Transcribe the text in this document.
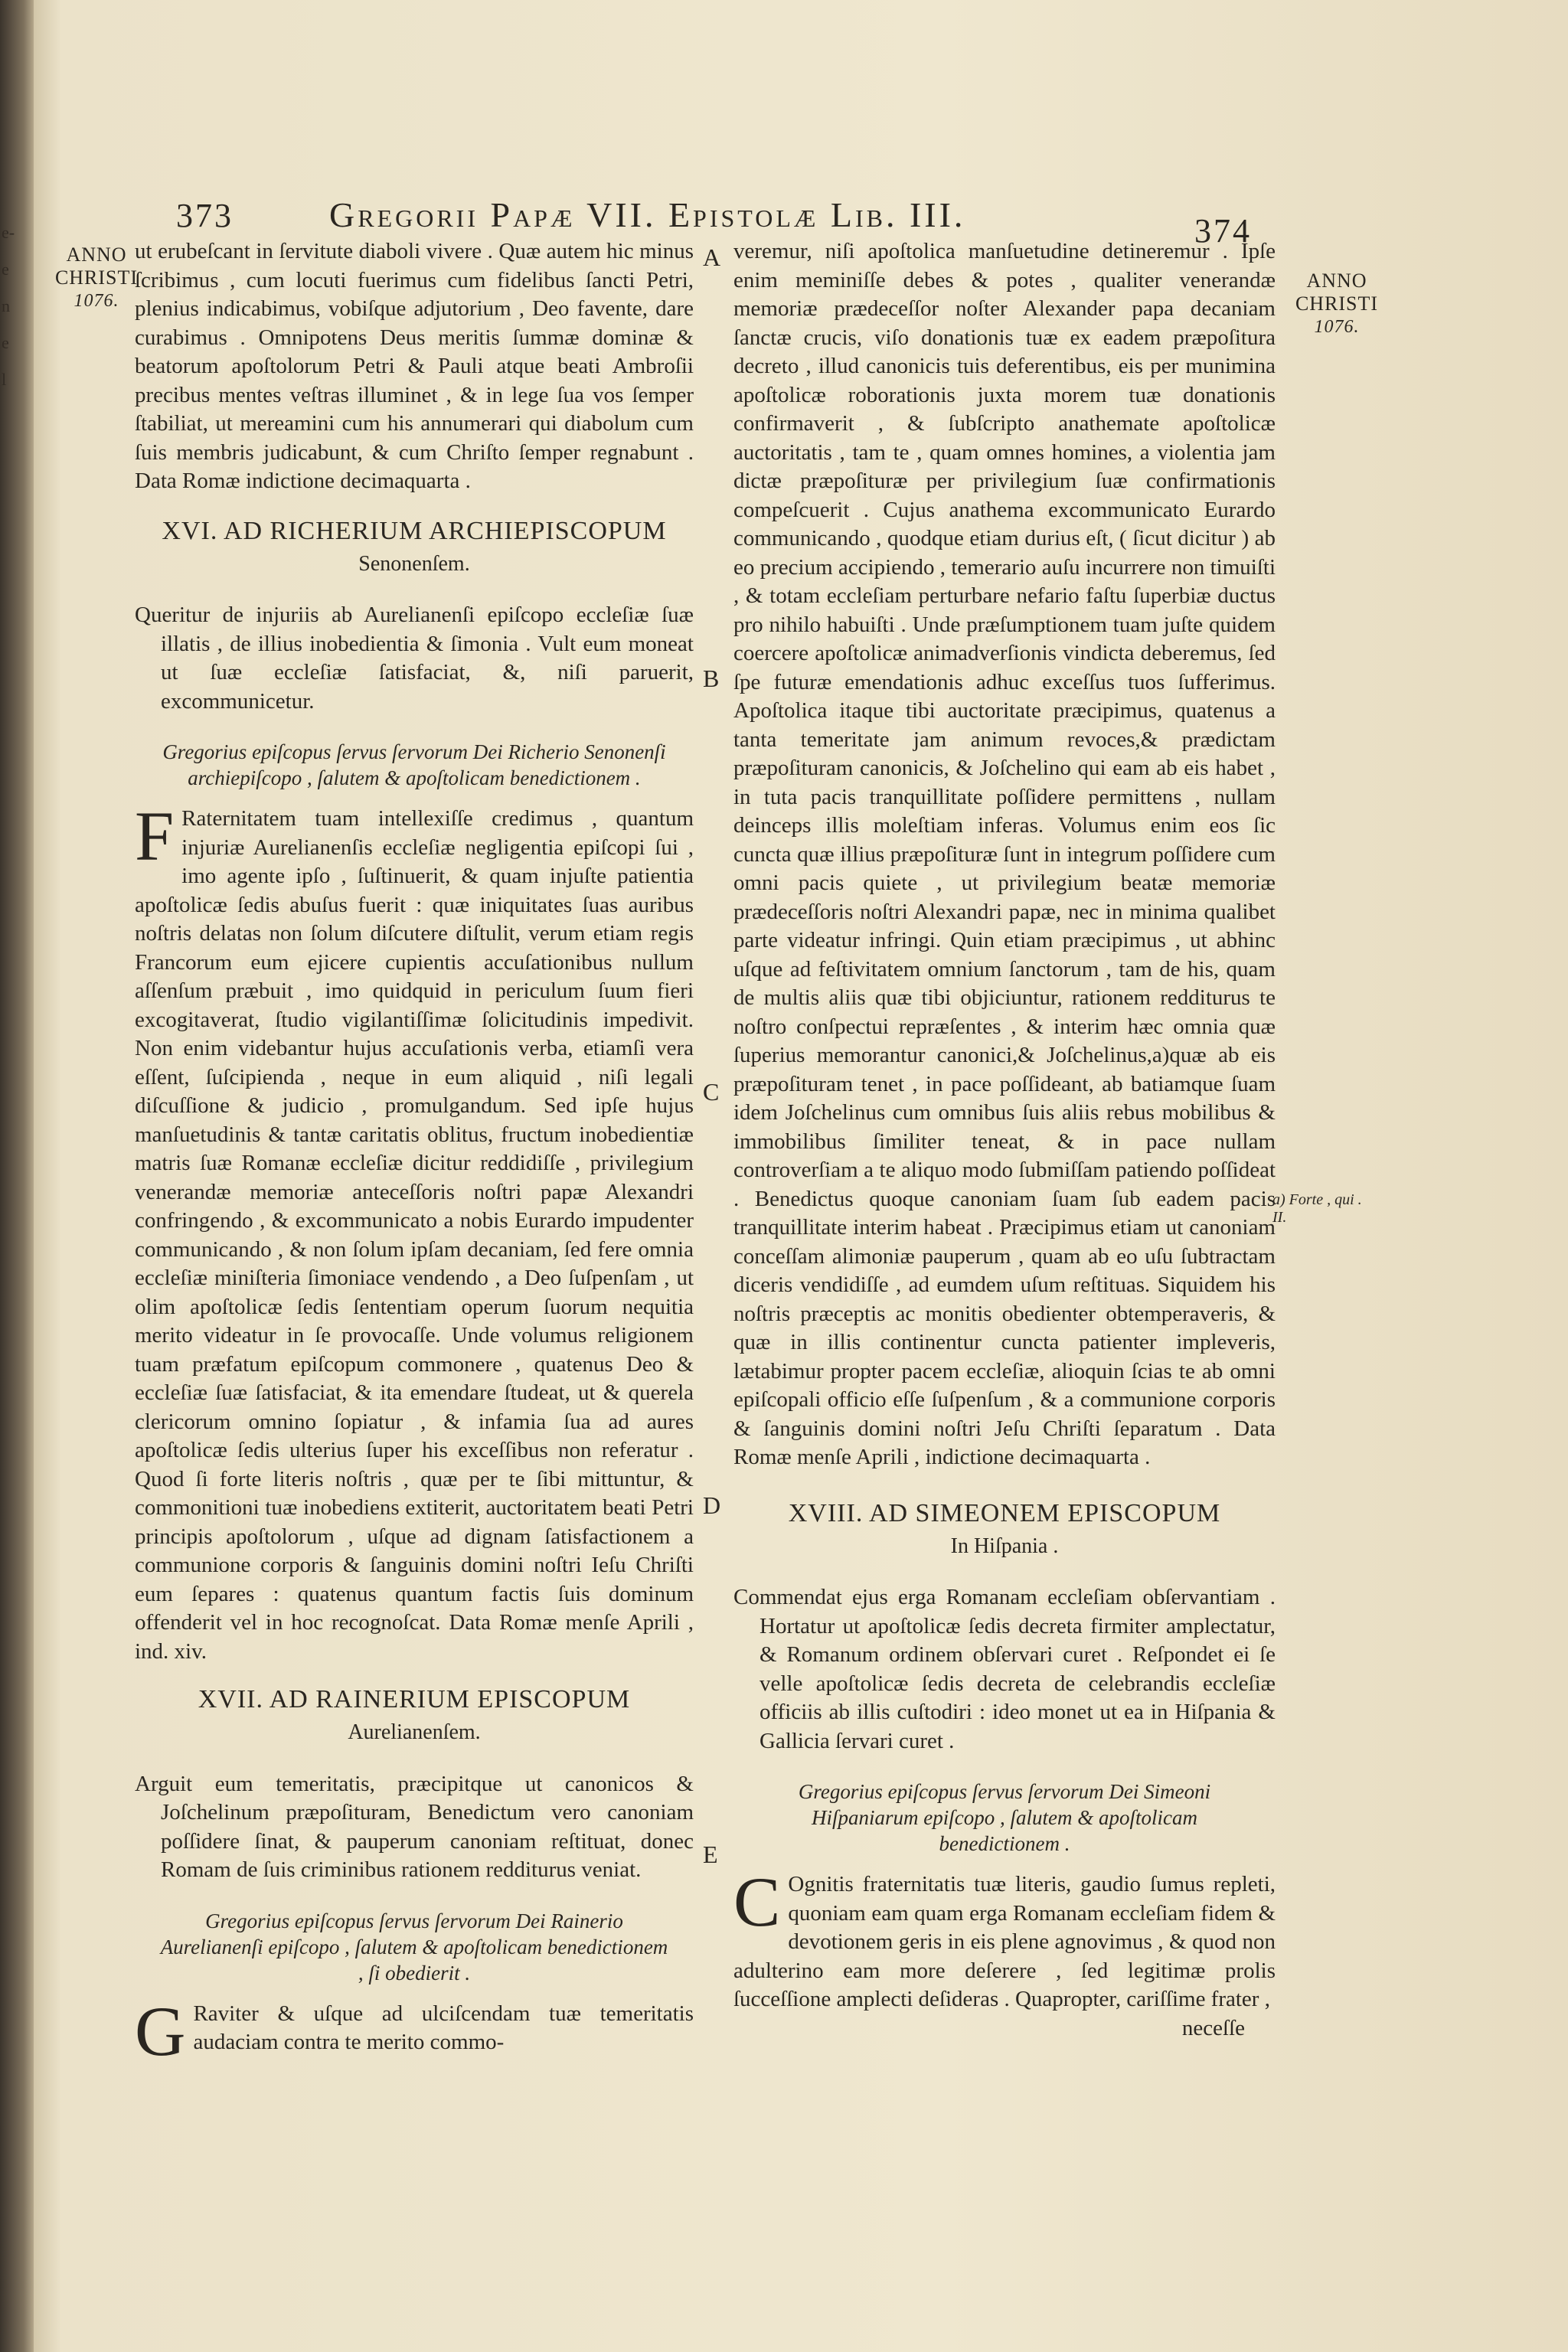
e-
e
n
e
l
373	Gregorii Papæ VII. Epistolæ Lib. III.	374
ANNO
CHRISTI
1076.
ANNO
CHRISTI
1076.
A
B
C
D
E
a) Forte , qui . II.

ut erubeſcant in ſervitute diaboli vivere . Quæ autem hic minus ſcribimus , cum locuti fuerimus cum fidelibus ſancti Petri, plenius indicabimus, vobiſque adjutorium , Deo favente, dare curabimus . Omnipotens Deus meritis ſummæ dominæ & beatorum apoſtolorum Petri & Pauli atque beati Ambroſii precibus mentes veſtras illuminet , & in lege ſua vos ſemper ſtabiliat, ut mereamini cum his annumerari qui diabolum cum ſuis membris judicabunt, & cum Chriſto ſemper regnabunt . Data Romæ indictione decimaquarta .

XVI. AD RICHERIUM ARCHIEPISCOPUM

Senonenſem.

Queritur de injuriis ab Aurelianenſi epiſcopo eccleſiæ ſuæ illatis , de illius inobedientia & ſimonia . Vult eum moneat ut ſuæ eccleſiæ ſatisfaciat, &, niſi paruerit, excommunicetur.

Gregorius epiſcopus ſervus ſervorum Dei Richerio Senonenſi archiepiſcopo , ſalutem & apoſtolicam benedictionem .

F Raternitatem tuam intellexiſſe credimus , quantum injuriæ Aurelianenſis eccleſiæ negligentia epiſcopi ſui , imo agente ipſo , ſuſtinuerit, & quam injuſte patientia apoſtolicæ ſedis abuſus fuerit : quæ iniquitates ſuas auribus noſtris delatas non ſolum diſcutere diſtulit, verum etiam regis Francorum eum ejicere cupientis accuſationibus nullum aſſenſum præbuit , imo quidquid in periculum ſuum fieri excogitaverat, ſtudio vigilantiſſimæ ſolicitudinis impedivit. Non enim videbantur hujus accuſationis verba, etiamſi vera eſſent, ſuſcipienda , neque in eum aliquid , niſi legali diſcuſſione & judicio , promulgandum. Sed ipſe hujus manſuetudinis & tantæ caritatis oblitus, fructum inobedientiæ matris ſuæ Romanæ eccleſiæ dicitur reddidiſſe , privilegium venerandæ memoriæ anteceſſoris noſtri papæ Alexandri confringendo , & excommunicato a nobis Eurardo impudenter communicando , & non ſolum ipſam decaniam, ſed fere omnia eccleſiæ miniſteria ſimoniace vendendo , a Deo ſuſpenſam , ut olim apoſtolicæ ſedis ſententiam operum ſuorum nequitia merito videatur in ſe provocaſſe. Unde volumus religionem tuam præfatum epiſcopum commonere , quatenus Deo & eccleſiæ ſuæ ſatisfaciat, & ita emendare ſtudeat, ut & querela clericorum omnino ſopiatur , & infamia ſua ad aures apoſtolicæ ſedis ulterius ſuper his exceſſibus non referatur . Quod ſi forte literis noſtris , quæ per te ſibi mittuntur, & commonitioni tuæ inobediens extiterit, auctoritatem beati Petri principis apoſtolorum , uſque ad dignam ſatisfactionem a communione corporis & ſanguinis domini noſtri Ieſu Chriſti eum ſepares : quatenus quantum factis ſuis dominum offenderit vel in hoc recognoſcat. Data Romæ menſe Aprili , ind. xiv.

XVII. AD RAINERIUM EPISCOPUM

Aurelianenſem.

Arguit eum temeritatis, præcipitque ut canonicos & Joſchelinum præpoſituram, Benedictum vero canoniam poſſidere ſinat, & pauperum canoniam reſtituat, donec Romam de ſuis criminibus rationem redditurus veniat.

Gregorius epiſcopus ſervus ſervorum Dei Rainerio Aurelianenſi epiſcopo , ſalutem & apoſtolicam benedictionem , ſi obedierit .

G Raviter & uſque ad ulciſcendam tuæ temeritatis audaciam contra te merito commo-

veremur, niſi apoſtolica manſuetudine detineremur . Ipſe enim meminiſſe debes & potes , qualiter venerandæ memoriæ prædeceſſor noſter Alexander papa decaniam ſanctæ crucis, viſo donationis tuæ ex eadem præpoſitura decreto , illud canonicis tuis deferentibus, eis per munimina apoſtolicæ roborationis juxta morem tuæ donationis confirmaverit , & ſubſcripto anathemate apoſtolicæ auctoritatis , tam te , quam omnes homines, a violentia jam dictæ præpoſituræ per privilegium ſuæ confirmationis compeſcuerit . Cujus anathema excommunicato Eurardo communicando , quodque etiam durius eſt, ( ſicut dicitur ) ab eo precium accipiendo , temerario auſu incurrere non timuiſti , & totam eccleſiam perturbare nefario faſtu ſuperbiæ ductus pro nihilo habuiſti . Unde præſumptionem tuam juſte quidem coercere apoſtolicæ animadverſionis vindicta deberemus, ſed ſpe futuræ emendationis adhuc exceſſus tuos ſufferimus. Apoſtolica itaque tibi auctoritate præcipimus, quatenus a tanta temeritate jam animum revoces,& prædictam præpoſituram canonicis, & Joſchelino qui eam ab eis habet , in tuta pacis tranquillitate poſſidere permittens , nullam deinceps illis moleſtiam inferas. Volumus enim eos ſic cuncta quæ illius præpoſituræ ſunt in integrum poſſidere cum omni pacis quiete , ut privilegium beatæ memoriæ prædeceſſoris noſtri Alexandri papæ, nec in minima qualibet parte videatur infringi. Quin etiam præcipimus , ut abhinc uſque ad feſtivitatem omnium ſanctorum , tam de his, quam de multis aliis quæ tibi objiciuntur, rationem redditurus te noſtro conſpectui repræſentes , & interim hæc omnia quæ ſuperius memorantur canonici,& Joſchelinus,a)quæ ab eis præpoſituram tenet , in pace poſſideant, ab batiamque ſuam idem Joſchelinus cum omnibus ſuis aliis rebus mobilibus & immobilibus ſimiliter teneat, & in pace nullam controverſiam a te aliquo modo ſubmiſſam patiendo poſſideat . Benedictus quoque canoniam ſuam ſub eadem pacis tranquillitate interim habeat . Præcipimus etiam ut canoniam conceſſam alimoniæ pauperum , quam ab eo uſu ſubtractam diceris vendidiſſe , ad eumdem uſum reſtituas. Siquidem his noſtris præceptis ac monitis obedienter obtemperaveris, & quæ in illis continentur cuncta patienter impleveris, lætabimur propter pacem eccleſiæ, alioquin ſcias te ab omni epiſcopali officio eſſe ſuſpenſum , & a communione corporis & ſanguinis domini noſtri Jeſu Chriſti ſeparatum . Data Romæ menſe Aprili , indictione decimaquarta .

XVIII. AD SIMEONEM EPISCOPUM

In Hiſpania .

Commendat ejus erga Romanam eccleſiam obſervantiam . Hortatur ut apoſtolicæ ſedis decreta firmiter amplectatur, & Romanum ordinem obſervari curet . Reſpondet ei ſe velle apoſtolicæ ſedis decreta de celebrandis eccleſiæ officiis ab illis cuſtodiri : ideo monet ut ea in Hiſpania & Gallicia ſervari curet .

Gregorius epiſcopus ſervus ſervorum Dei Simeoni Hiſpaniarum epiſcopo , ſalutem & apoſtolicam benedictionem .

C Ognitis fraternitatis tuæ literis, gaudio ſumus repleti, quoniam eam quam erga Romanam eccleſiam fidem & devotionem geris in eis plene agnovimus , & quod non adulterino eam more deſerere , ſed legitimæ prolis ſucceſſione amplecti deſideras . Quapropter, cariſſime frater ,

neceſſe
